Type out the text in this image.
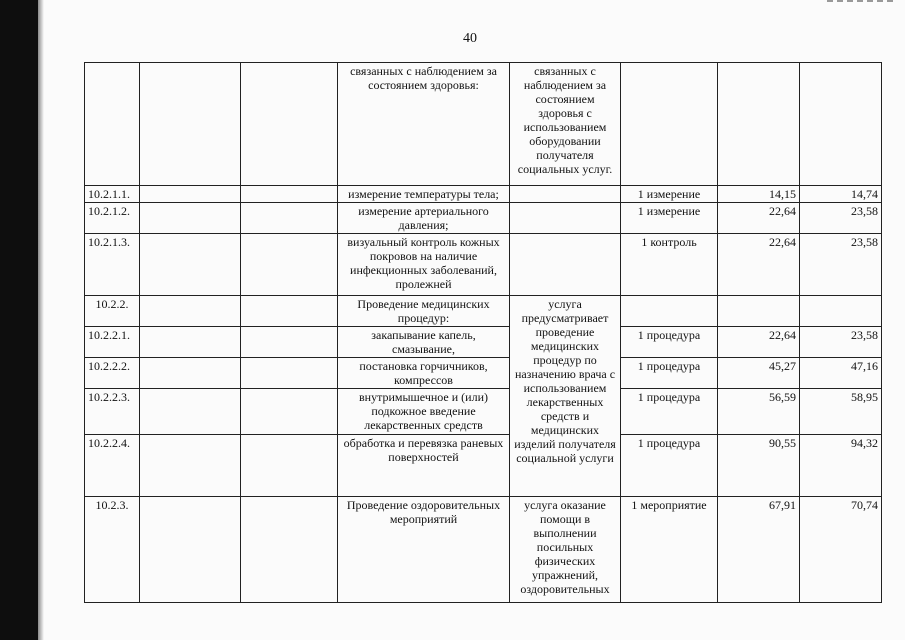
40
			связанных с наблюдением за состоянием здоровья:	связанных с наблюдением за состоянием здоровья с использованием оборудовании получателя социальных услуг.			
10.2.1.1.			измерение температуры тела;		1 измерение	14,15	14,74
10.2.1.2.			измерение артериального давления;		1 измерение	22,64	23,58
10.2.1.3.			визуальный контроль кожных покровов на наличие инфекционных заболеваний, пролежней		1 контроль	22,64	23,58
10.2.2.			Проведение медицинских процедур:	услуга предусматривает проведение медицинских процедур по назначению врача с использованием лекарственных средств и медицинских изделий получателя социальной услуги			
10.2.2.1.			закапывание капель, смазывание,		1 процедура	22,64	23,58
10.2.2.2.			постановка горчичников, компрессов		1 процедура	45,27	47,16
10.2.2.3.			внутримышечное и (или) подкожное введение лекарственных средств		1 процедура	56,59	58,95
10.2.2.4.			обработка и перевязка раневых поверхностей		1 процедура	90,55	94,32
10.2.3.			Проведение оздоровительных мероприятий	услуга оказание помощи в выполнении посильных физических упражнений, оздоровительных	1 мероприятие	67,91	70,74
